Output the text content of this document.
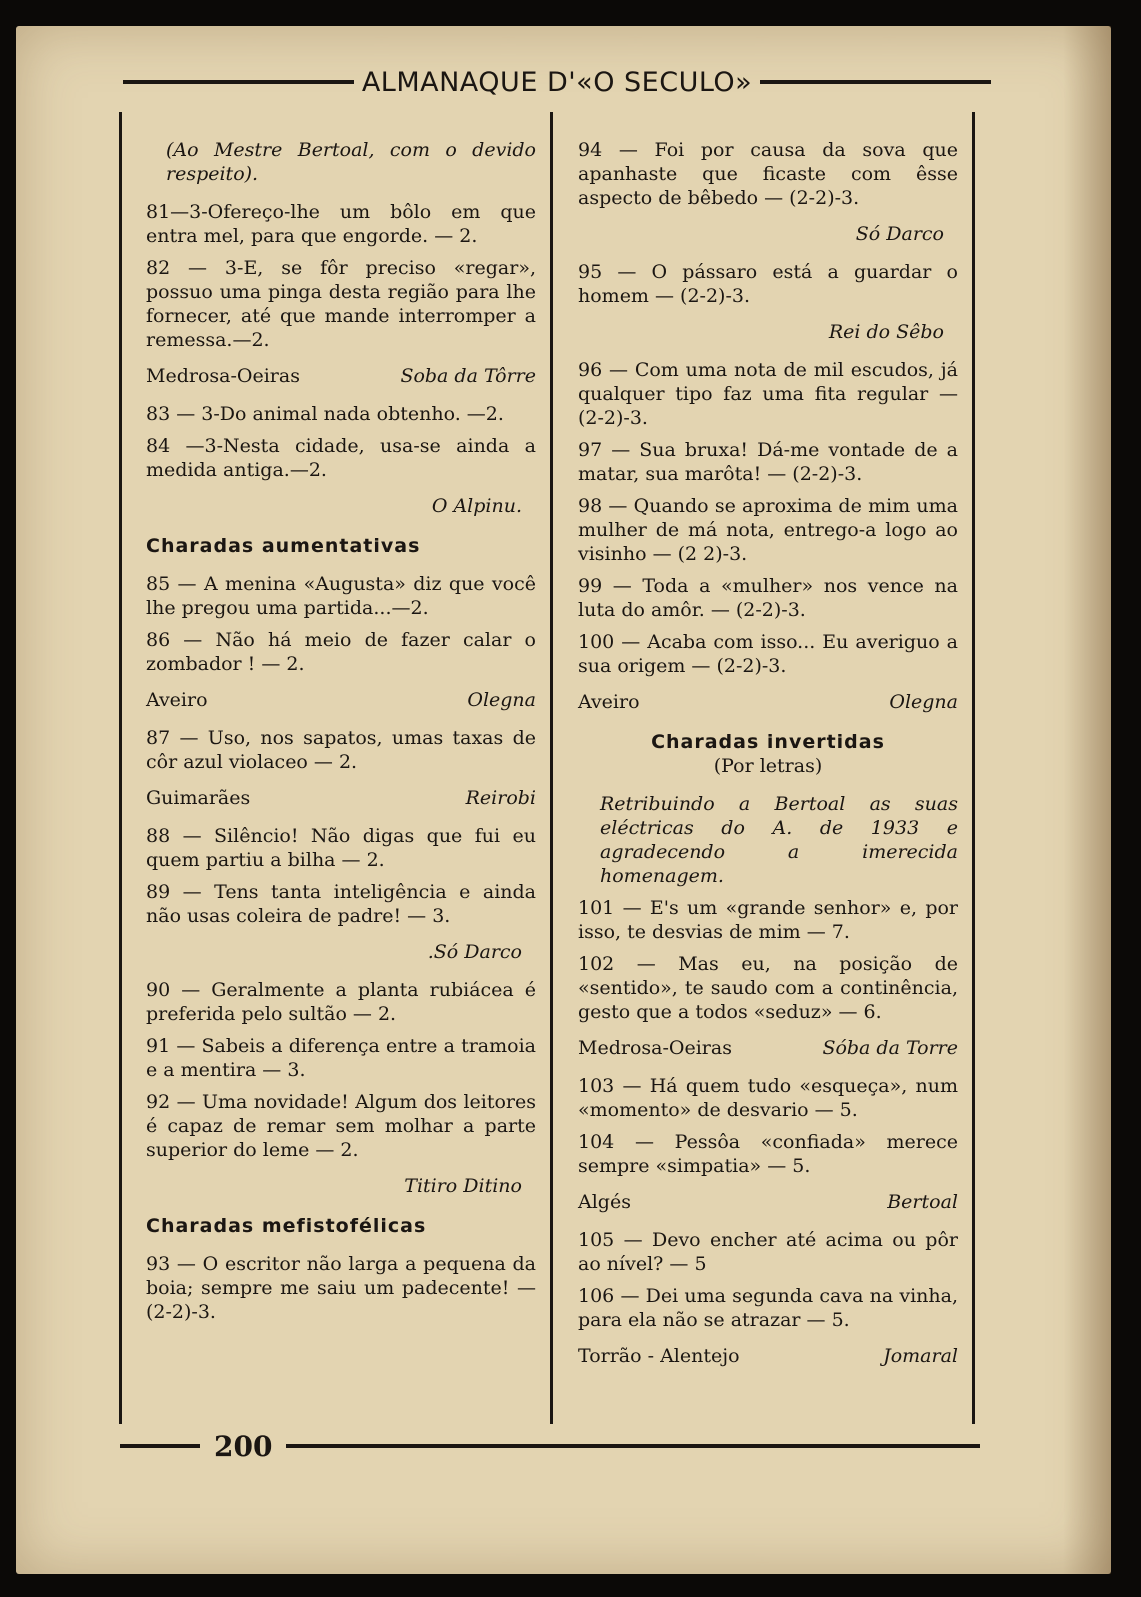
ALMANAQUE D'«O SECULO»

(Ao Mestre Bertoal, com o devido respeito).

81—3-Ofereço-lhe um bôlo em que entra mel, para que engorde. — 2.

82 — 3-E, se fôr preciso «regar», possuo uma pinga desta região para lhe fornecer, até que mande interromper a remessa.—2.

Medrosa-Oeiras	Soba da Tôrre

83 — 3-Do animal nada obtenho. —2.

84 —3-Nesta cidade, usa-se ainda a medida antiga.—2.

O Alpinu.
Charadas aumentativas

85 — A menina «Augusta» diz que você lhe pregou uma partida...—2.

86 — Não há meio de fazer calar o zombador ! — 2.

Aveiro	Olegna

87 — Uso, nos sapatos, umas taxas de côr azul violaceo — 2.

Guimarães	Reirobi

88 — Silêncio! Não digas que fui eu quem partiu a bilha — 2.

89 — Tens tanta inteligência e ainda não usas coleira de padre! — 3.

.Só Darco

90 — Geralmente a planta rubiácea é preferida pelo sultão — 2.

91 — Sabeis a diferença entre a tramoia e a mentira — 3.

92 — Uma novidade! Algum dos leitores é capaz de remar sem molhar a parte superior do leme — 2.

Titiro Ditino
Charadas mefistofélicas

93 — O escritor não larga a pequena da boia; sempre me saiu um padecente! — (2-2)-3.

94 — Foi por causa da sova que apanhaste que ficaste com êsse aspecto de bêbedo — (2-2)-3.

Só Darco

95 — O pássaro está a guardar o homem — (2-2)-3.

Rei do Sêbo

96 — Com uma nota de mil escudos, já qualquer tipo faz uma fita regular — (2-2)-3.

97 — Sua bruxa! Dá-me vontade de a matar, sua marôta! — (2-2)-3.

98 — Quando se aproxima de mim uma mulher de má nota, entrego-a logo ao visinho — (2 2)-3.

99 — Toda a «mulher» nos vence na luta do amôr. — (2-2)-3.

100 — Acaba com isso... Eu averiguo a sua origem — (2-2)-3.

Aveiro	Olegna
Charadas invertidas
(Por letras)

Retribuindo a Bertoal as suas eléctricas do A. de 1933 e agradecendo a imerecida homenagem.

101 — E's um «grande senhor» e, por isso, te desvias de mim — 7.

102 — Mas eu, na posição de «sentido», te saudo com a continência, gesto que a todos «seduz» — 6.

Medrosa-Oeiras	Sóba da Torre

103 — Há quem tudo «esqueça», num «momento» de desvario — 5.

104 — Pessôa «confiada» merece sempre «simpatia» — 5.

Algés	Bertoal

105 — Devo encher até acima ou pôr ao nível? — 5

106 — Dei uma segunda cava na vinha, para ela não se atrazar — 5.

Torrão - Alentejo	Jomaral
200
